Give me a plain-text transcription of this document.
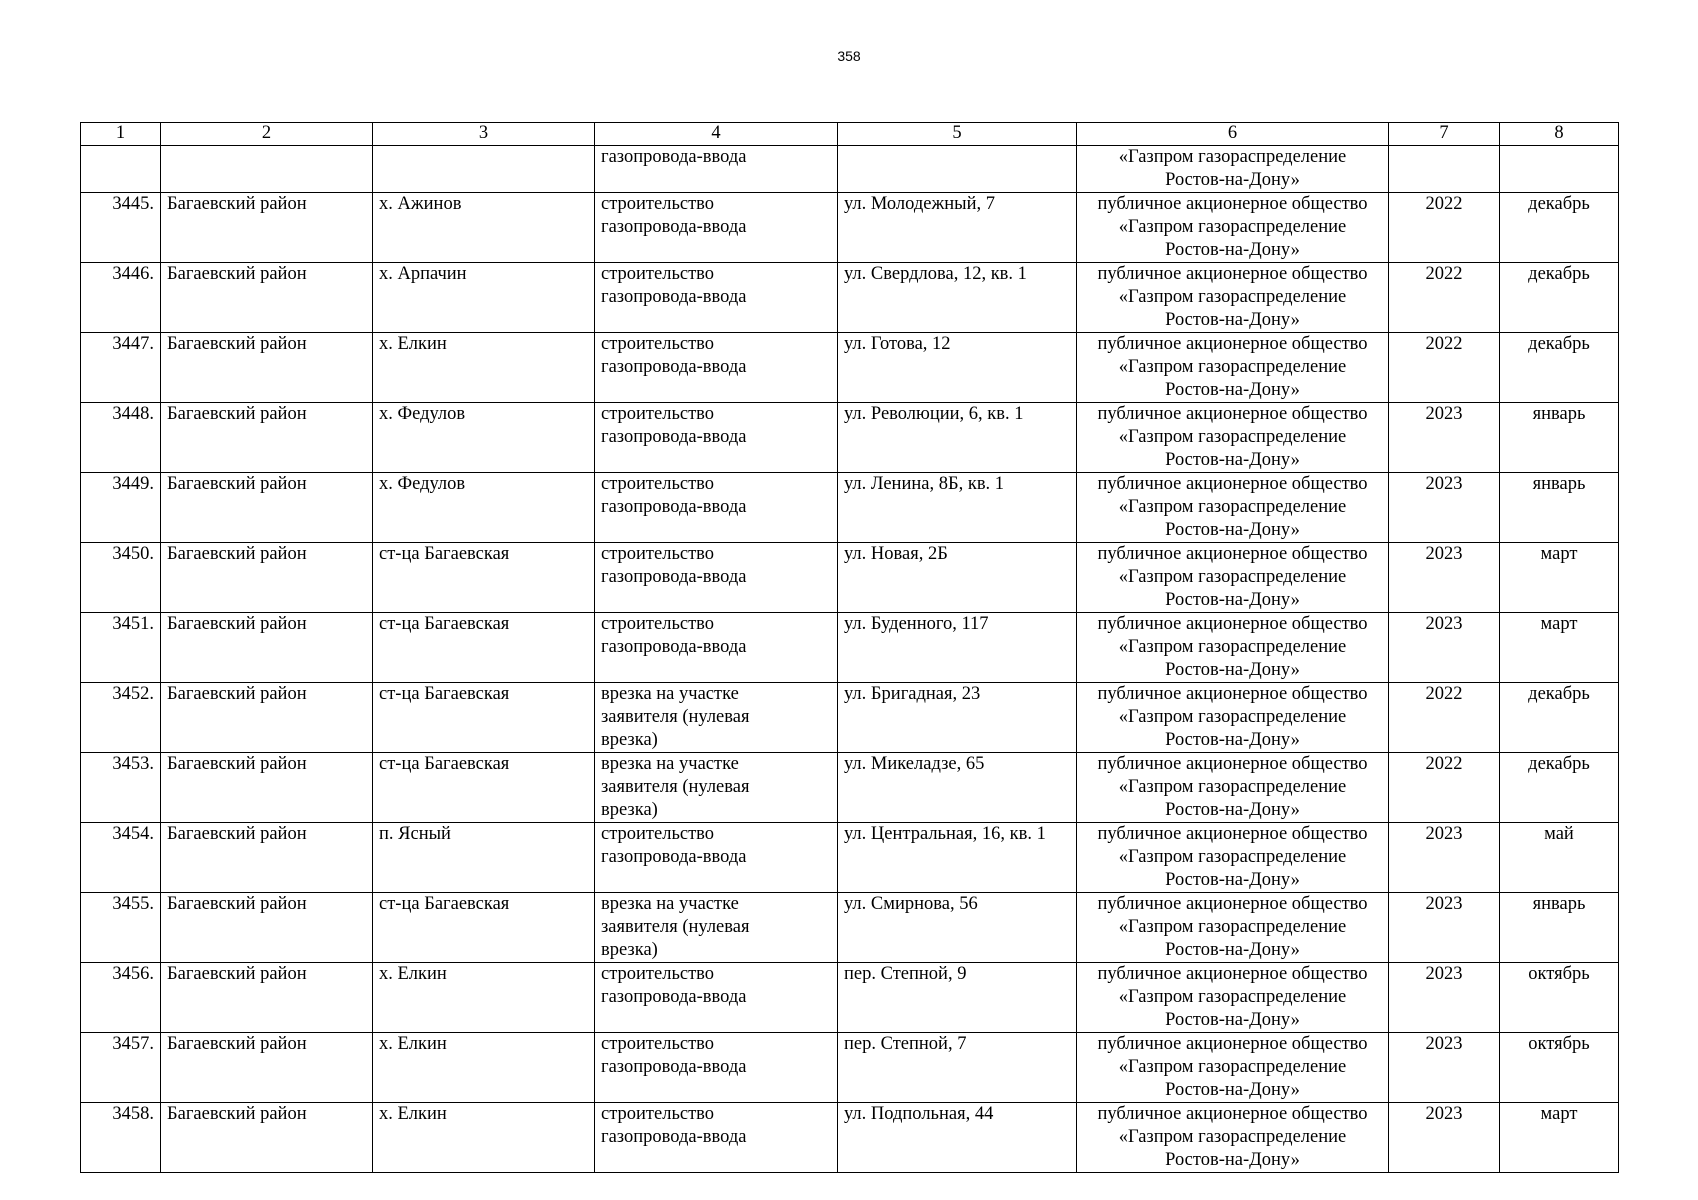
358
1	2	3	4	5	6	7	8

			газопровода-ввода		«Газпром газораспределение
Ростов-на-Дону»		

3445.	Багаевский район	х. Ажинов	строительство
газопровода-ввода	ул. Молодежный, 7	публичное акционерное общество
«Газпром газораспределение
Ростов-на-Дону»	2022	декабрь

3446.	Багаевский район	х. Арпачин	строительство
газопровода-ввода	ул. Свердлова, 12, кв. 1	публичное акционерное общество
«Газпром газораспределение
Ростов-на-Дону»	2022	декабрь

3447.	Багаевский район	х. Елкин	строительство
газопровода-ввода	ул. Готова, 12	публичное акционерное общество
«Газпром газораспределение
Ростов-на-Дону»	2022	декабрь

3448.	Багаевский район	х. Федулов	строительство
газопровода-ввода	ул. Революции, 6, кв. 1	публичное акционерное общество
«Газпром газораспределение
Ростов-на-Дону»	2023	январь

3449.	Багаевский район	х. Федулов	строительство
газопровода-ввода	ул. Ленина, 8Б, кв. 1	публичное акционерное общество
«Газпром газораспределение
Ростов-на-Дону»	2023	январь

3450.	Багаевский район	ст-ца Багаевская	строительство
газопровода-ввода	ул. Новая, 2Б	публичное акционерное общество
«Газпром газораспределение
Ростов-на-Дону»	2023	март

3451.	Багаевский район	ст-ца Багаевская	строительство
газопровода-ввода	ул. Буденного, 117	публичное акционерное общество
«Газпром газораспределение
Ростов-на-Дону»	2023	март

3452.	Багаевский район	ст-ца Багаевская	врезка на участке
заявителя (нулевая
врезка)	ул. Бригадная, 23	публичное акционерное общество
«Газпром газораспределение
Ростов-на-Дону»	2022	декабрь

3453.	Багаевский район	ст-ца Багаевская	врезка на участке
заявителя (нулевая
врезка)	ул. Микеладзе, 65	публичное акционерное общество
«Газпром газораспределение
Ростов-на-Дону»	2022	декабрь

3454.	Багаевский район	п. Ясный	строительство
газопровода-ввода	ул. Центральная, 16, кв. 1	публичное акционерное общество
«Газпром газораспределение
Ростов-на-Дону»	2023	май

3455.	Багаевский район	ст-ца Багаевская	врезка на участке
заявителя (нулевая
врезка)	ул. Смирнова, 56	публичное акционерное общество
«Газпром газораспределение
Ростов-на-Дону»	2023	январь

3456.	Багаевский район	х. Елкин	строительство
газопровода-ввода	пер. Степной, 9	публичное акционерное общество
«Газпром газораспределение
Ростов-на-Дону»	2023	октябрь

3457.	Багаевский район	х. Елкин	строительство
газопровода-ввода	пер. Степной, 7	публичное акционерное общество
«Газпром газораспределение
Ростов-на-Дону»	2023	октябрь

3458.	Багаевский район	х. Елкин	строительство
газопровода-ввода	ул. Подпольная, 44	публичное акционерное общество
«Газпром газораспределение
Ростов-на-Дону»	2023	март
